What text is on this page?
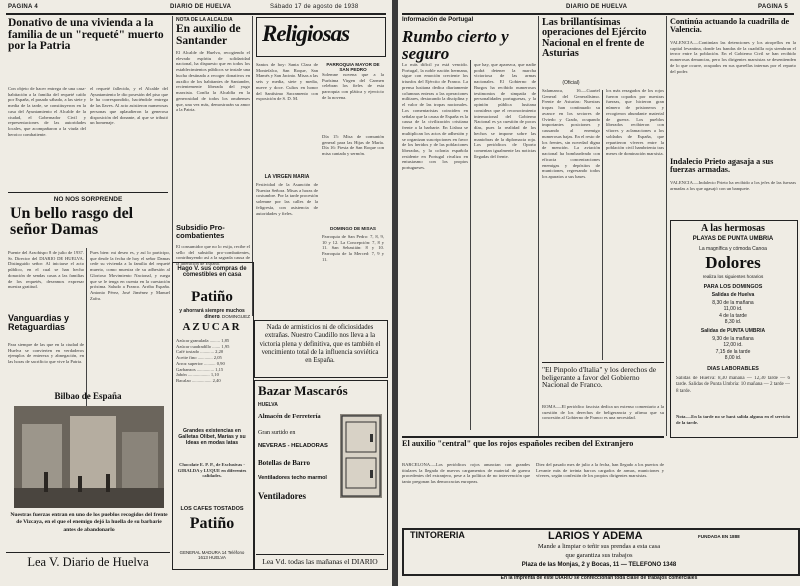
PAGINA 4	DIARIO DE HUELVA	Sábado 17 de agosto de 1938
Donativo de una vivienda a la familia de un "requeté" muerto por la Patria
Con objeto de hacer entrega de una casa-habitación a la familia del requeté caído por España, el pasado sábado, a las siete y media de la tarde, se constituyeron en la casa del Ayuntamiento el Alcalde de la ciudad, el Gobernador Civil y representaciones de las autoridades locales, que acompañaron a la viuda del heroico combatiente.
el requeté fallecido, y el Alcalde del Ayuntamiento le dio posesión del piso que le ha correspondido, haciéndole entrega de las llaves. Al acto asistieron numerosas personas que aplaudieron la generosa disposición del donante, al que se tributó un homenaje.
NO NOS SORPRENDE
Un bello rasgo del señor Damas
Puente del Arzobispo 8 de julio de 1937. Sr. Director del DIARIO DE HUELVA. Distinguido señor: Al iniciarse el acto público, en el cual se han hecho donación de sendas casas a las familias de los requetés, deseamos expresar nuestra gratitud.
Vanguardias y Retaguardias
Para siempre de las que en la ciudad de Huelva se convierten en verdaderos ejemplos de entereza y abnegación, en las horas de sacrificio que vive la Patria.
Pues bien: mi deseo es, y así lo participo, que desde la fecha de hoy el señor Damas cede su vivienda a la familia del requeté muerto, como muestra de su adhesión al Glorioso Movimiento Nacional, y ruega que se le tenga en cuenta en la cuestación próxima. Saludo a Franco. Arriba España. Antonio Pérez, José Jiménez y Manuel Zafra.
NOTA DE LA ALCALDIA
En auxilio de Santander
El Alcalde de Huelva, recogiendo el elevado espíritu de solidaridad nacional, ha dispuesto que en todos los establecimientos públicos se instale una hucha destinada a recoger donativos en auxilio de los habitantes de Santander, recientemente liberada del yugo marxista. Confía la Alcaldía en la generosidad de todos los onubenses que, una vez más, demostrarán su amor a la Patria.
Subsidio Pro-combatientes
El consumidor que no lo exija, recibe el sello del subsidio pro-combatientes, contribuyendo así a la sagrada causa de la liberación de España.
Religiosas
PARROQUIA MAYOR DE SAN PEDRO
Santos de hoy: Santa Clara de Montefalco, San Roque, San Mamés y San Jacinto. Misas a las seis y media, siete y media, nueve y doce. Cultos en honor del Santísimo Sacramento con exposición de S. D. M.
Solemne novena que a la Purísima Virgen del Carmen celebran los fieles de esta parroquia con plática y ejercicio de la novena.
LA VIRGEN MARIA
Festividad de la Asunción de Nuestra Señora. Misas a horas de costumbre. Por la tarde procesión solemne por las calles de la feligresía, con asistencia de autoridades y fieles.
Día 15: Misa de comunión general para las Hijas de María. Día 16: Fiesta de San Roque con misa cantada y sermón.
DOMINGO DE MISAS
Parroquia de San Pedro: 7, 8, 9, 10 y 12. La Concepción: 7, 8 y 11. San Sebastián: 8 y 10. Parroquia de la Merced: 7, 9 y 11.
J. DOMINGUEZ
Hago V. sus compras de comestibles en casa
Patiño
y ahorrará siempre muchos dinero
AZUCAR
Azúcar granulada ......... 1,85
Azúcar cuadradillo ....... 1,95
Café tostado ............ 2,20
Aceite fino ............. 2,05
Arroz superior .......... 0,90
Garbanzos ............... 1,15
Jabón ................... 1,10
Bacalao ................. 2,40
Grandes existencias en Galletas Olibet, Marías y su Ideas en modas latas
Chocolate E. P. P., de Exclusivas - GIRALDA y LUQUE en diferentes calidades.
LOS CAFES TOSTADOS
Patiño
GENERAL MADURA 14 Teléfono 1613 HUELVA
Bilbao de España
Nuestras fuerzas entran en uno de los pueblos recogidos del frente de Vizcaya, en el que el enemigo dejó la huella de su barbarie antes de abandonarlo
Lea V. Diario de Huelva
Nada de armisticios ni de oficiosidades extrañas. Nuestro Caudillo nos lleva a la victoria plena y definitiva, que es también el vencimiento total de la influencia soviética en España.
Bazar Mascarós
HUELVA
Almacén de Ferretería
Gran surtido en
NEVERAS - HELADORAS
Botellas de Barro
Ventiladores techo marmol
Ventiladores
Lea Vd. todas las mañanas el DIARIO
DIARIO DE HUELVA	PAGINA 5
Información de Portugal
Rumbo cierto y seguro
Lo más difícil ya está vencido. Portugal, la noble nación hermana, sigue con emoción creciente los triunfos del Ejército de Franco. La prensa lusitana dedica diariamente columnas enteras a las operaciones militares, destacando la disciplina y el valor de las tropas nacionales. Los comentaristas coinciden en señalar que la causa de España es la causa de la civilización cristiana frente a la barbarie. En Lisboa se multiplican los actos de adhesión y se organizan suscripciones en favor de los heridos y de las poblaciones liberadas, y la colonia española residente en Portugal rivaliza en entusiasmo con los propios portugueses.
que hay, que aparezca, que nadie podrá detener la marcha victoriosa de las armas nacionales. El Gobierno de Burgos ha recibido numerosos testimonios de simpatía de personalidades portuguesas, y la opinión pública lusitana considera que el reconocimiento internacional del Gobierno Nacional es ya cuestión de pocos días, pues la realidad de los hechos se impone sobre las maniobras de la diplomacia roja. Los periódicos de Oporto comentan igualmente las noticias llegadas del frente.
Las brillantísimas operaciones del Ejército Nacional en el frente de Asturias
(Oficial)
Salamanca, 16.—Cuartel General del Generalísimo. Frente de Asturias: Nuestras tropas han continuado su avance en los sectores de Oviedo y Grado, ocupando importantes posiciones y causando al enemigo numerosas bajas. En el resto de los frentes, sin novedad digna de mención. La aviación nacional ha bombardeado con eficacia concentraciones enemigas y depósitos de municiones, regresando todos los aparatos a sus bases.
los más rezagados de los rojos fueron copados por nuestras fuerzas, que hicieron gran número de prisioneros y recogieron abundante material de guerra. Los pueblos liberados recibieron con vítores y aclamaciones a los soldados de España, que repartieron víveres entre la población civil hambrienta tras meses de dominación marxista.
Continúa actuando la cuadrilla de Valencia.
VALENCIA.—Continúan las detenciones y los atropellos en la capital levantina, donde las bandas de la cuadrilla roja siembran el terror entre la población. En el Gobierno Civil se han recibido numerosas denuncias, pero los dirigentes marxistas se desentienden de lo que ocurre, ocupados en sus querellas internas por el reparto del poder.
Indalecio Prieto agasaja a sus fuerzas armadas.
VALENCIA.—Indalecio Prieto ha recibido a los jefes de las fuerzas armadas a los que agasajó con un banquete.
A las hermosas
PLAYAS DE PUNTA UMBRIA
La magnífica y cómoda Canoa
Dolores
realiza los siguientes horarios
PARA LOS DOMINGOS
Salidas de Huelva
8,30 de la mañana
11,00 id.
4 de la tarde
8,30 id.
Salidas de PUNTA UMBRIA
9,30 de la mañana
12,00 id.
7,15 de la tarde
8,00 id.
DIAS LABORABLES
Salidas de Huelva: 8,30 mañana — 12,30 tarde — 6 tarde. Salidas de Punta Umbría: 10 mañana — 2 tarde — 8 tarde.
Nota.—En la tarde no se hará salida alguna en el servicio de la tarde.
"El Pinpolo d'Italia" y los derechos de beligerante a favor del Gobierno Nacional de Franco.
ROMA.—El periódico fascista dedica un extenso comentario a la cuestión de los derechos de beligerancia y afirma que su concesión al Gobierno de Franco es una necesidad.
El auxilio "central" que los rojos españoles reciben del Extranjero
BARCELONA.—Los periódicos rojos anuncian con grandes titulares la llegada de nuevos cargamentos de material de guerra procedentes del extranjero, pese a la política de no intervención que tanto pregonan las democracias europeas.
Diez del pasado mes de julio a la fecha, han llegado a los puertos de Levante más de treinta barcos cargados de armas, municiones y víveres, según confesión de los propios dirigentes marxistas.
TINTORERIA	LARIOS Y ADEMA	FUNDADA EN 1888
Mande a limpiar o teñir sus prendas a esta casa
que garantiza sus trabajos
Plaza de las Monjas, 2 y Bocas, 11 — TELEFONO 1348
En la Imprenta de este DIARIO se confeccionan toda clase de trabajos comerciales
